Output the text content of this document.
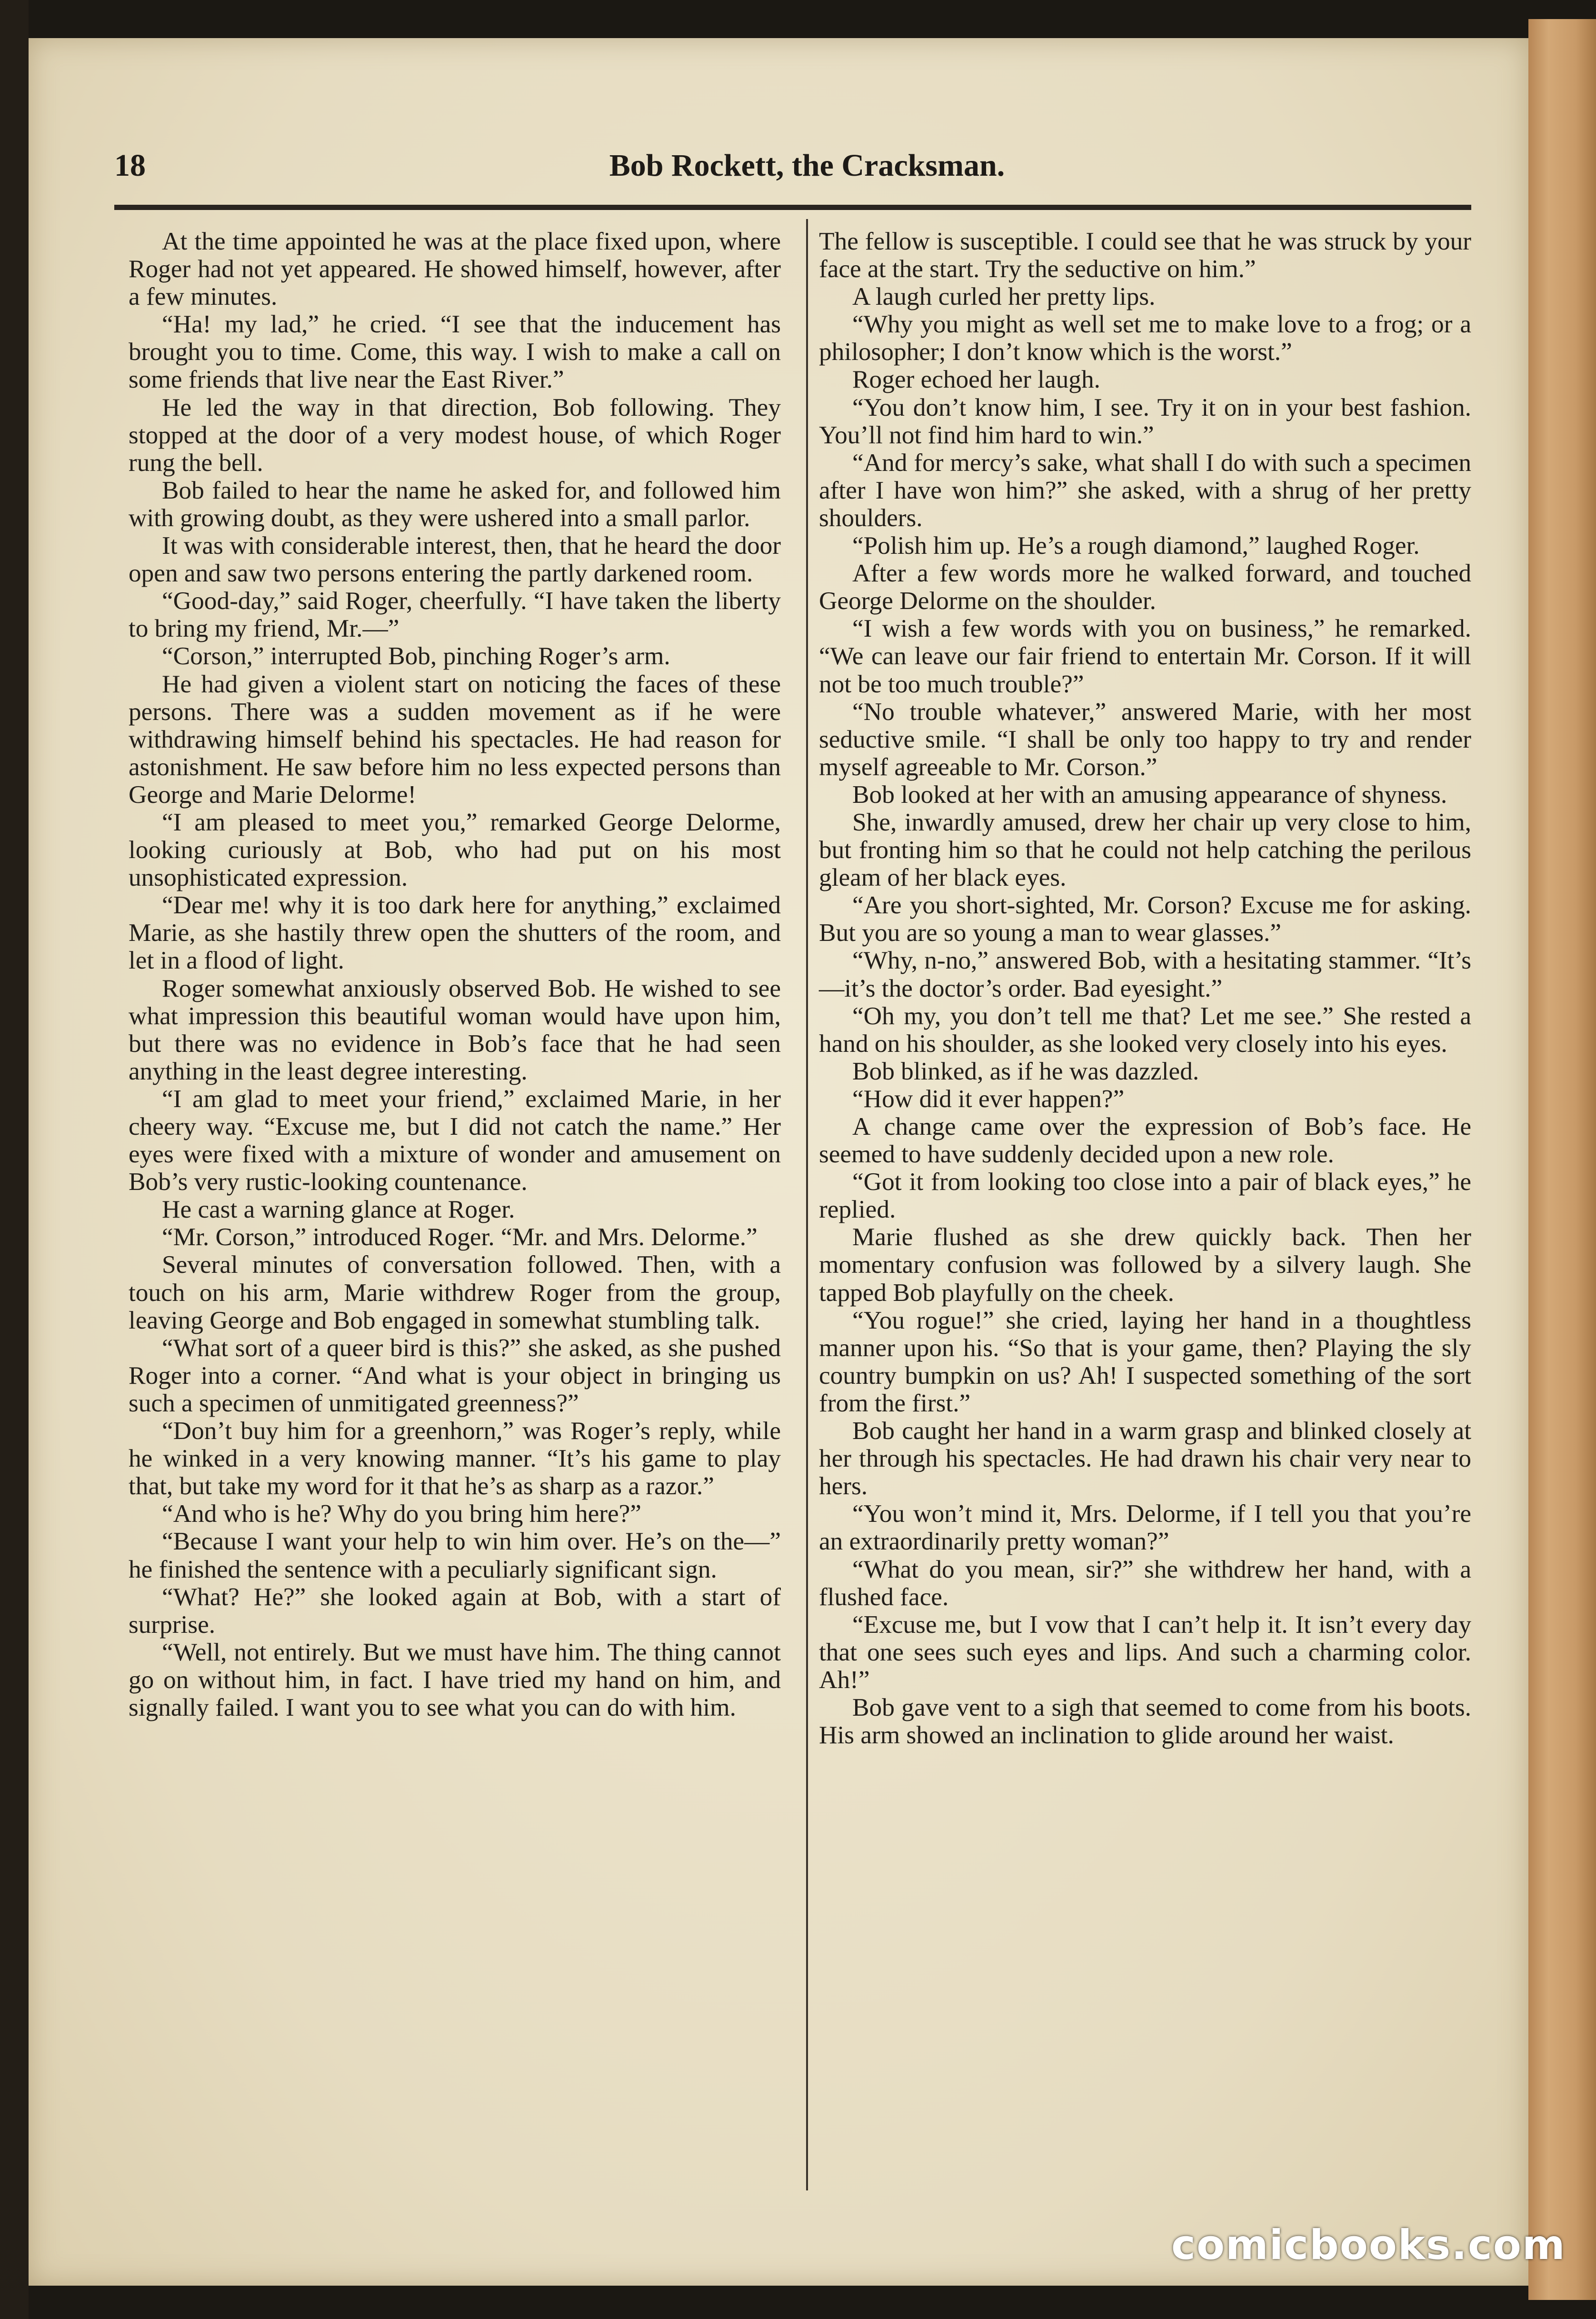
18	Bob Rockett, the Cracksman.

At the time appointed he was at the place fixed upon, where Roger had not yet appeared. He showed himself, however, after a few minutes.

“Ha! my lad,” he cried. “I see that the inducement has brought you to time. Come, this way. I wish to make a call on some friends that live near the East River.”

He led the way in that direction, Bob following. They stopped at the door of a very modest house, of which Roger rung the bell.

Bob failed to hear the name he asked for, and followed him with growing doubt, as they were ushered into a small parlor.

It was with considerable interest, then, that he heard the door open and saw two persons entering the partly darkened room.

“Good-day,” said Roger, cheerfully. “I have taken the liberty to bring my friend, Mr.—”

“Corson,” interrupted Bob, pinching Roger’s arm.

He had given a violent start on noticing the faces of these persons. There was a sudden movement as if he were withdrawing himself behind his spectacles. He had reason for astonishment. He saw before him no less expected persons than George and Marie Delorme!

“I am pleased to meet you,” remarked George Delorme, looking curiously at Bob, who had put on his most unsophisticated expression.

“Dear me! why it is too dark here for anything,” exclaimed Marie, as she hastily threw open the shutters of the room, and let in a flood of light.

Roger somewhat anxiously observed Bob. He wished to see what impression this beautiful woman would have upon him, but there was no evidence in Bob’s face that he had seen anything in the least degree interesting.

“I am glad to meet your friend,” exclaimed Marie, in her cheery way. “Excuse me, but I did not catch the name.” Her eyes were fixed with a mixture of wonder and amusement on Bob’s very rustic-looking countenance.

He cast a warning glance at Roger.

“Mr. Corson,” introduced Roger. “Mr. and Mrs. Delorme.”

Several minutes of conversation followed. Then, with a touch on his arm, Marie withdrew Roger from the group, leaving George and Bob engaged in somewhat stumbling talk.

“What sort of a queer bird is this?” she asked, as she pushed Roger into a corner. “And what is your object in bringing us such a specimen of unmitigated greenness?”

“Don’t buy him for a greenhorn,” was Roger’s reply, while he winked in a very knowing manner. “It’s his game to play that, but take my word for it that he’s as sharp as a razor.”

“And who is he? Why do you bring him here?”

“Because I want your help to win him over. He’s on the—” he finished the sentence with a peculiarly significant sign.

“What? He?” she looked again at Bob, with a start of surprise.

“Well, not entirely. But we must have him. The thing cannot go on without him, in fact. I have tried my hand on him, and signally failed. I want you to see what you can do with him.

The fellow is susceptible. I could see that he was struck by your face at the start. Try the seductive on him.”

A laugh curled her pretty lips.

“Why you might as well set me to make love to a frog; or a philosopher; I don’t know which is the worst.”

Roger echoed her laugh.

“You don’t know him, I see. Try it on in your best fashion. You’ll not find him hard to win.”

“And for mercy’s sake, what shall I do with such a specimen after I have won him?” she asked, with a shrug of her pretty shoulders.

“Polish him up. He’s a rough diamond,” laughed Roger.

After a few words more he walked forward, and touched George Delorme on the shoulder.

“I wish a few words with you on business,” he remarked. “We can leave our fair friend to entertain Mr. Corson. If it will not be too much trouble?”

“No trouble whatever,” answered Marie, with her most seductive smile. “I shall be only too happy to try and render myself agreeable to Mr. Corson.”

Bob looked at her with an amusing appearance of shyness.

She, inwardly amused, drew her chair up very close to him, but fronting him so that he could not help catching the perilous gleam of her black eyes.

“Are you short-sighted, Mr. Corson? Excuse me for asking. But you are so young a man to wear glasses.”

“Why, n-no,” answered Bob, with a hesitating stammer. “It’s—it’s the doctor’s order. Bad eyesight.”

“Oh my, you don’t tell me that? Let me see.” She rested a hand on his shoulder, as she looked very closely into his eyes.

Bob blinked, as if he was dazzled.

“How did it ever happen?”

A change came over the expression of Bob’s face. He seemed to have suddenly decided upon a new role.

“Got it from looking too close into a pair of black eyes,” he replied.

Marie flushed as she drew quickly back. Then her momentary confusion was followed by a silvery laugh. She tapped Bob playfully on the cheek.

“You rogue!” she cried, laying her hand in a thoughtless manner upon his. “So that is your game, then? Playing the sly country bumpkin on us? Ah! I suspected something of the sort from the first.”

Bob caught her hand in a warm grasp and blinked closely at her through his spectacles. He had drawn his chair very near to hers.

“You won’t mind it, Mrs. Delorme, if I tell you that you’re an extraordinarily pretty woman?”

“What do you mean, sir?” she withdrew her hand, with a flushed face.

“Excuse me, but I vow that I can’t help it. It isn’t every day that one sees such eyes and lips. And such a charming color. Ah!”

Bob gave vent to a sigh that seemed to come from his boots. His arm showed an inclination to glide around her waist.

comicbooks.com
